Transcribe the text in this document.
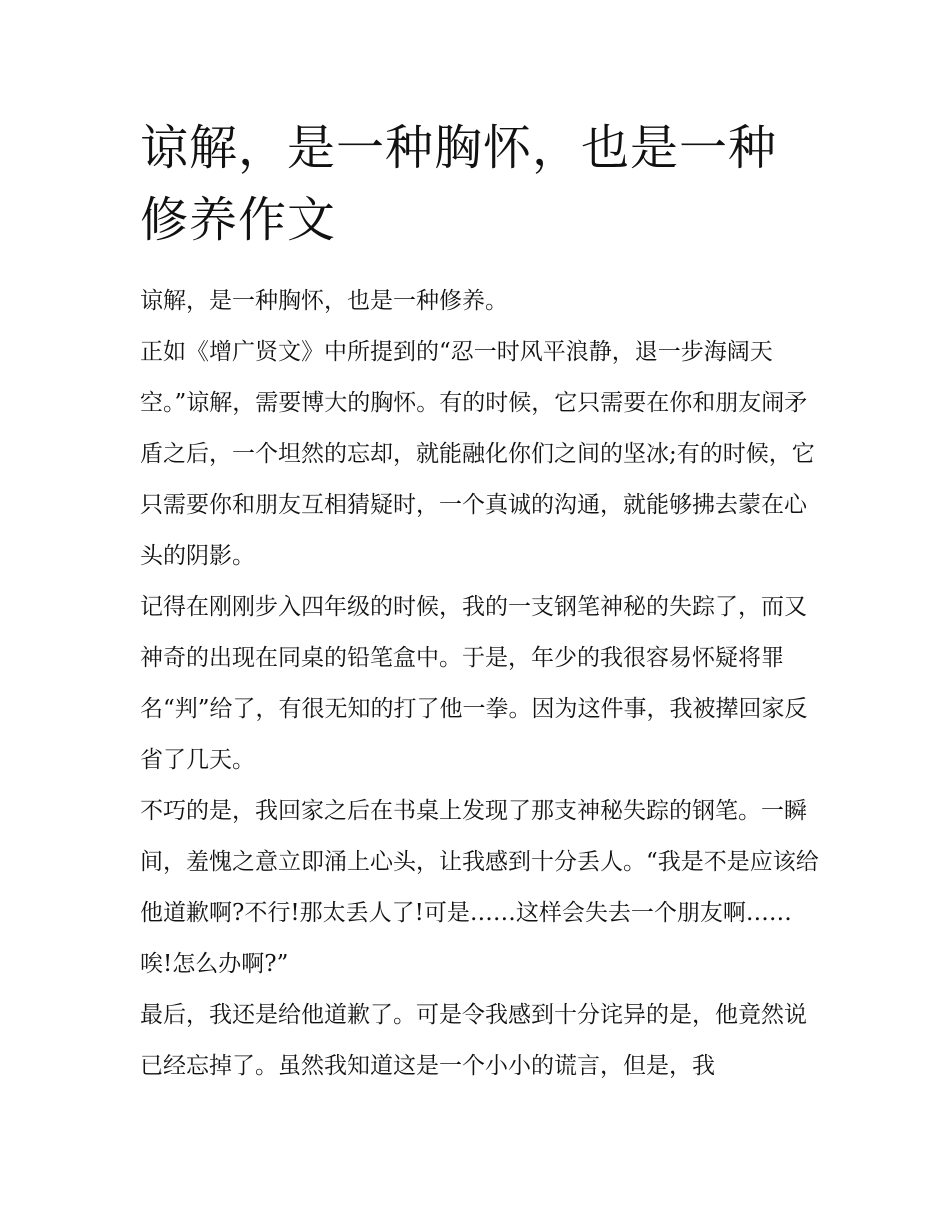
谅解，是一种胸怀，也是一种修养作文

谅解，是一种胸怀，也是一种修养。

正如《增广贤文》中所提到的“忍一时风平浪静，退一步海阔天空。”谅解，需要博大的胸怀。有的时候，它只需要在你和朋友闹矛盾之后，一个坦然的忘却，就能融化你们之间的坚冰;有的时候，它只需要你和朋友互相猜疑时，一个真诚的沟通，就能够拂去蒙在心头的阴影。

记得在刚刚步入四年级的时候，我的一支钢笔神秘的失踪了，而又神奇的出现在同桌的铅笔盒中。于是，年少的我很容易怀疑将罪名“判”给了，有很无知的打了他一拳。因为这件事，我被撵回家反省了几天。

不巧的是，我回家之后在书桌上发现了那支神秘失踪的钢笔。一瞬间，羞愧之意立即涌上心头，让我感到十分丢人。“我是不是应该给他道歉啊?不行!那太丢人了!可是……这样会失去一个朋友啊……唉!怎么办啊?”

最后，我还是给他道歉了。可是令我感到十分诧异的是，他竟然说已经忘掉了。虽然我知道这是一个小小的谎言，但是，我
